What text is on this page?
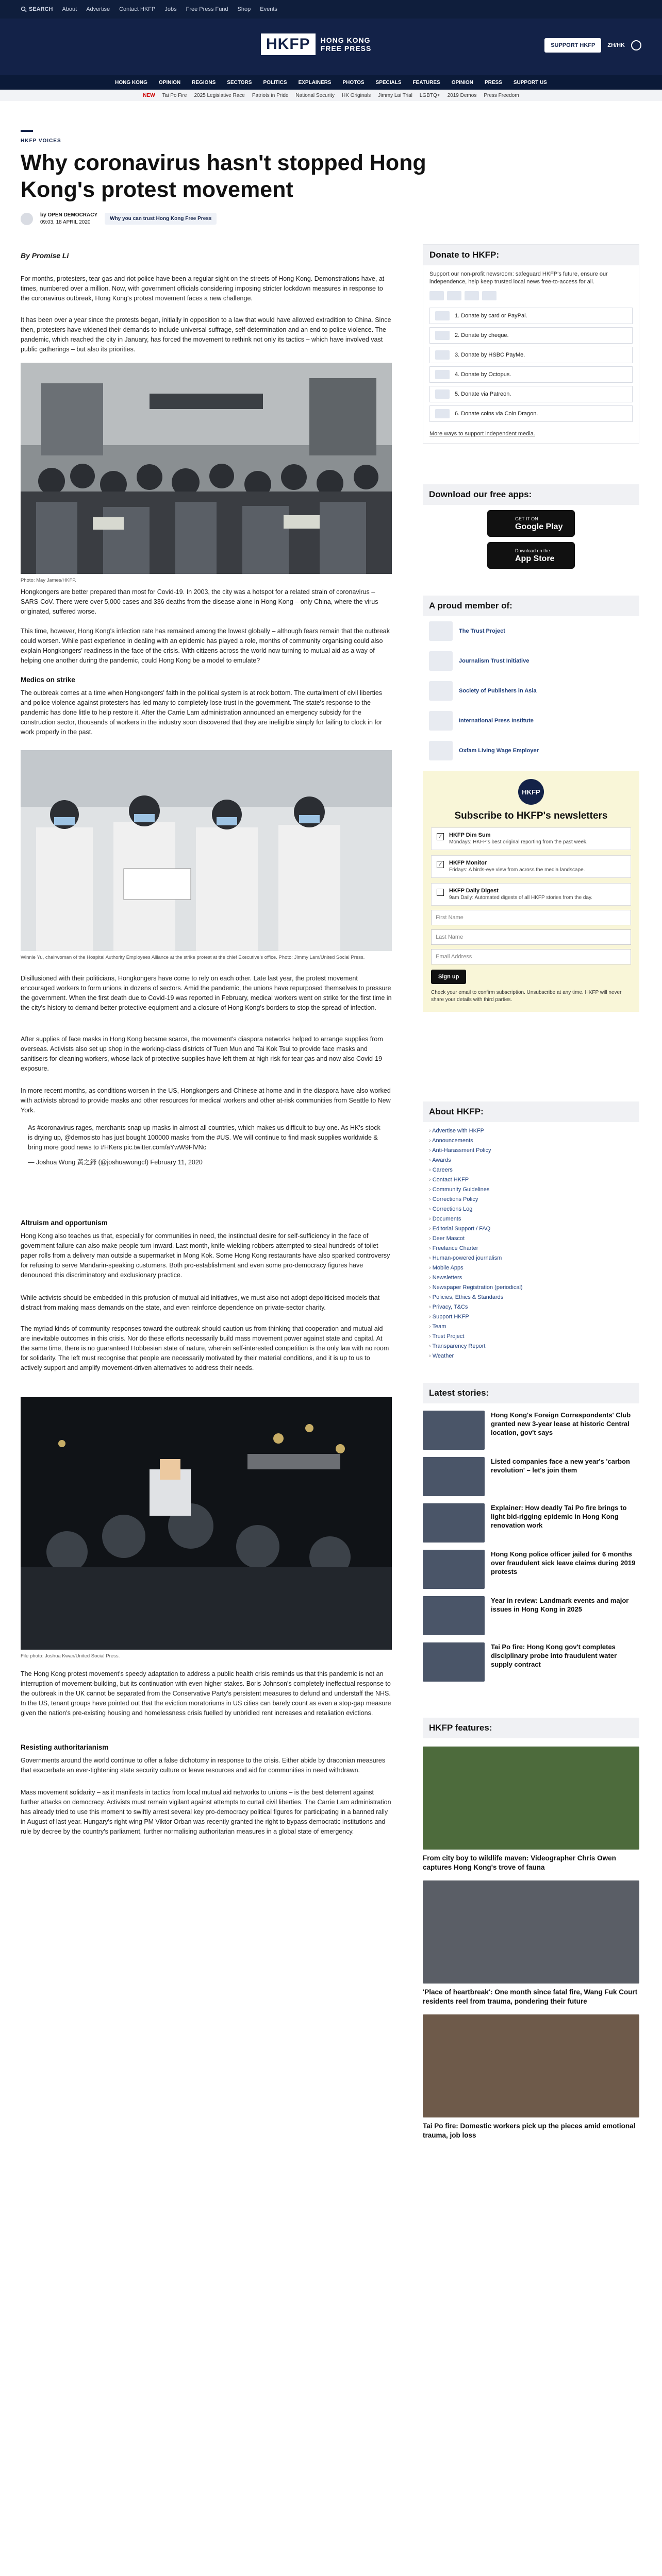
SEARCH About Advertise Contact HKFP Jobs Free Press Fund Shop Events
HKFP	HONG KONG
FREE PRESS	SUPPORT HKFP	ZH/HK
HONG KONG OPINION REGIONS SECTORS POLITICS EXPLAINERS PHOTOS SPECIALS FEATURES OPINION PRESS SUPPORT US
NEW Tai Po Fire 2025 Legislative Race Patriots in Pride National Security HK Originals Jimmy Lai Trial LGBTQ+ 2019 Demos Press Freedom
HKFP VOICES
Why coronavirus hasn't stopped Hong Kong's protest movement
by OPEN DEMOCRACY
09:03, 18 APRIL 2020
Why you can trust Hong Kong Free Press
By Promise Li

For months, protesters, tear gas and riot police have been a regular sight on the streets of Hong Kong. Demonstrations have, at times, numbered over a million. Now, with government officials considering imposing stricter lockdown measures in response to the coronavirus outbreak, Hong Kong's protest movement faces a new challenge.

It has been over a year since the protests began, initially in opposition to a law that would have allowed extradition to China. Since then, protesters have widened their demands to include universal suffrage, self-determination and an end to police violence. The pandemic, which reached the city in January, has forced the movement to rethink not only its tactics – which have involved vast public gatherings – but also its priorities.

Photo: May James/HKFP.

Hongkongers are better prepared than most for Covid-19. In 2003, the city was a hotspot for a related strain of coronavirus – SARS-CoV. There were over 5,000 cases and 336 deaths from the disease alone in Hong Kong – only China, where the virus originated, suffered worse.

This time, however, Hong Kong's infection rate has remained among the lowest globally – although fears remain that the outbreak could worsen. While past experience in dealing with an epidemic has played a role, months of community organising could also explain Hongkongers' readiness in the face of the crisis. With citizens across the world now turning to mutual aid as a way of helping one another during the pandemic, could Hong Kong be a model to emulate?

Medics on strike

The outbreak comes at a time when Hongkongers' faith in the political system is at rock bottom. The curtailment of civil liberties and police violence against protesters has led many to completely lose trust in the government. The state's response to the pandemic has done little to help restore it. After the Carrie Lam administration announced an emergency subsidy for the construction sector, thousands of workers in the industry soon discovered that they are ineligible simply for failing to clock in for work properly in the past.

Winnie Yu, chairwoman of the Hospital Authority Employees Alliance at the strike protest at the chief Executive's office. Photo: Jimmy Lam/United Social Press.

Disillusioned with their politicians, Hongkongers have come to rely on each other. Late last year, the protest movement encouraged workers to form unions in dozens of sectors. Amid the pandemic, the unions have repurposed themselves to pressure the government. When the first death due to Covid-19 was reported in February, medical workers went on strike for the first time in the city's history to demand better protective equipment and a closure of Hong Kong's borders to stop the spread of infection.

After supplies of face masks in Hong Kong became scarce, the movement's diaspora networks helped to arrange supplies from overseas. Activists also set up shop in the working-class districts of Tuen Mun and Tai Kok Tsui to provide face masks and sanitisers for cleaning workers, whose lack of protective supplies have left them at high risk for tear gas and now also Covid-19 exposure.

In more recent months, as conditions worsen in the US, Hongkongers and Chinese at home and in the diaspora have also worked with activists abroad to provide masks and other resources for medical workers and other at-risk communities from Seattle to New York.

As #coronavirus rages, merchants snap up masks in almost all countries, which makes us difficult to buy one. As HK's stock is drying up, @demosisto has just bought 100000 masks from the #US. We will continue to find mask supplies worldwide & bring more good news to #HKers pic.twitter.com/aYwW9FlVNc

— Joshua Wong 黃之鋒 (@joshuawongcf) February 11, 2020

Altruism and opportunism

Hong Kong also teaches us that, especially for communities in need, the instinctual desire for self-sufficiency in the face of government failure can also make people turn inward. Last month, knife-wielding robbers attempted to steal hundreds of toilet paper rolls from a delivery man outside a supermarket in Mong Kok. Some Hong Kong restaurants have also sparked controversy for refusing to serve Mandarin-speaking customers. Both pro-establishment and even some pro-democracy figures have denounced this discriminatory and exclusionary practice.

While activists should be embedded in this profusion of mutual aid initiatives, we must also not adopt depoliticised models that distract from making mass demands on the state, and even reinforce dependence on private-sector charity.

The myriad kinds of community responses toward the outbreak should caution us from thinking that cooperation and mutual aid are inevitable outcomes in this crisis. Nor do these efforts necessarily build mass movement power against state and capital. At the same time, there is no guaranteed Hobbesian state of nature, wherein self-interested competition is the only law with no room for solidarity. The left must recognise that people are necessarily motivated by their material conditions, and it is up to us to actively support and amplify movement-driven alternatives to address their needs.

File photo: Joshua Kwan/United Social Press.

The Hong Kong protest movement's speedy adaptation to address a public health crisis reminds us that this pandemic is not an interruption of movement-building, but its continuation with even higher stakes. Boris Johnson's completely ineffectual response to the outbreak in the UK cannot be separated from the Conservative Party's persistent measures to defund and understaff the NHS. In the US, tenant groups have pointed out that the eviction moratoriums in US cities can barely count as even a stop-gap measure given the nation's pre-existing housing and homelessness crisis fuelled by unbridled rent increases and retaliation evictions.

Resisting authoritarianism

Governments around the world continue to offer a false dichotomy in response to the crisis. Either abide by draconian measures that exacerbate an ever-tightening state security culture or leave resources and aid for communities in need withdrawn.

Mass movement solidarity – as it manifests in tactics from local mutual aid networks to unions – is the best deterrent against further attacks on democracy. Activists must remain vigilant against attempts to curtail civil liberties. The Carrie Lam administration has already tried to use this moment to swiftly arrest several key pro-democracy political figures for participating in a banned rally in August of last year. Hungary's right-wing PM Viktor Orban was recently granted the right to bypass democratic institutions and rule by decree by the country's parliament, further normalising authoritarian measures in a global state of emergency.

Donate to HKFP:
Support our non-profit newsroom: safeguard HKFP's future, ensure our independence, help keep trusted local news free-to-access for all.
1. Donate by card or PayPal.
2. Donate by cheque.
3. Donate by HSBC PayMe.
4. Donate by Octopus.
5. Donate via Patreon.
6. Donate coins via Coin Dragon.
More ways to support independent media.
Download our free apps:
GET IT ON
Google Play
Download on the
App Store
A proud member of:
The Trust Project
Journalism Trust Initiative
Society of Publishers in Asia
International Press Institute
Oxfam Living Wage Employer
HKFP
Subscribe to HKFP's newsletters
✓ HKFP Dim Sum
Mondays: HKFP's best original reporting from the past week.
✓ HKFP Monitor
Fridays: A birds-eye view from across the media landscape.
HKFP Daily Digest
9am Daily: Automated digests of all HKFP stories from the day.
First Name
Last Name
Email Address
Sign up
Check your email to confirm subscription. Unsubscribe at any time. HKFP will never share your details with third parties.
About HKFP:
› Advertise with HKFP
› Announcements
› Anti-Harassment Policy
› Awards
› Careers
› Contact HKFP
› Community Guidelines
› Corrections Policy
› Corrections Log
› Documents
› Editorial Support / FAQ
› Deer Mascot
› Freelance Charter
› Human-powered journalism
› Mobile Apps
› Newsletters
› Newspaper Registration (periodical)
› Policies, Ethics & Standards
› Privacy, T&Cs
› Support HKFP
› Team
› Trust Project
› Transparency Report
› Weather
Latest stories:
Hong Kong's Foreign Correspondents' Club granted new 3-year lease at historic Central location, gov't says
Listed companies face a new year's 'carbon revolution' – let's join them
Explainer: How deadly Tai Po fire brings to light bid-rigging epidemic in Hong Kong renovation work
Hong Kong police officer jailed for 6 months over fraudulent sick leave claims during 2019 protests
Year in review: Landmark events and major issues in Hong Kong in 2025
Tai Po fire: Hong Kong gov't completes disciplinary probe into fraudulent water supply contract
HKFP features:
From city boy to wildlife maven: Videographer Chris Owen captures Hong Kong's trove of fauna
'Place of heartbreak': One month since fatal fire, Wang Fuk Court residents reel from trauma, pondering their future
Tai Po fire: Domestic workers pick up the pieces amid emotional trauma, job loss
